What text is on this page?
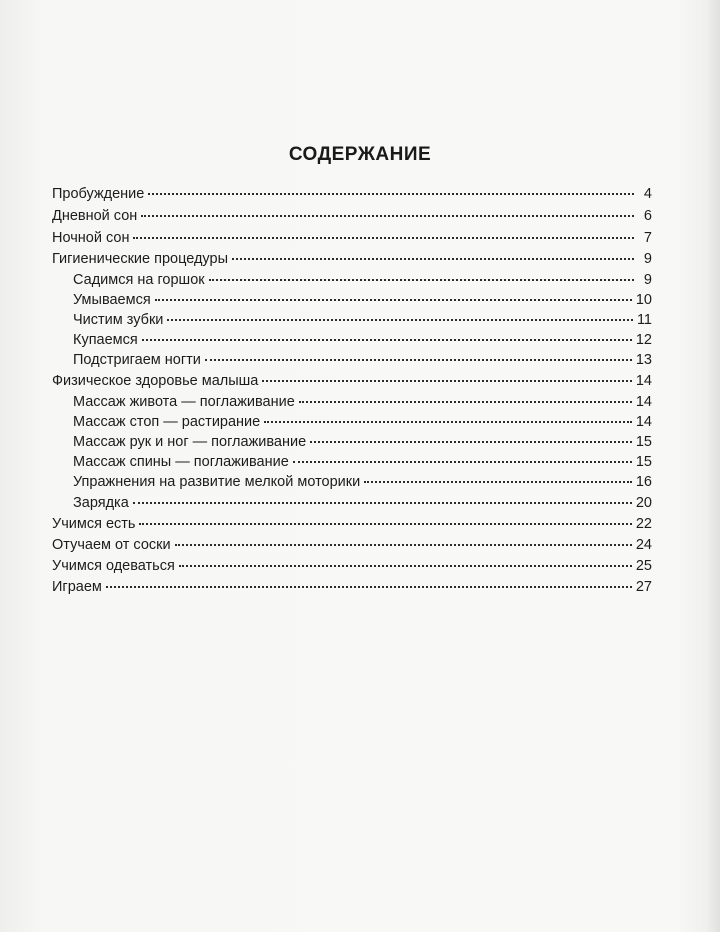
СОДЕРЖАНИЕ
Пробуждение	4
Дневной сон	6
Ночной сон	7
Гигиенические процедуры	9
Садимся на горшок	9
Умываемся	10
Чистим зубки	11
Купаемся	12
Подстригаем ногти	13
Физическое здоровье малыша	14
Массаж живота — поглаживание	14
Массаж стоп — растирание	14
Массаж рук и ног — поглаживание	15
Массаж спины — поглаживание	15
Упражнения на развитие мелкой моторики	16
Зарядка	20
Учимся есть	22
Отучаем от соски	24
Учимся одеваться	25
Играем	27
